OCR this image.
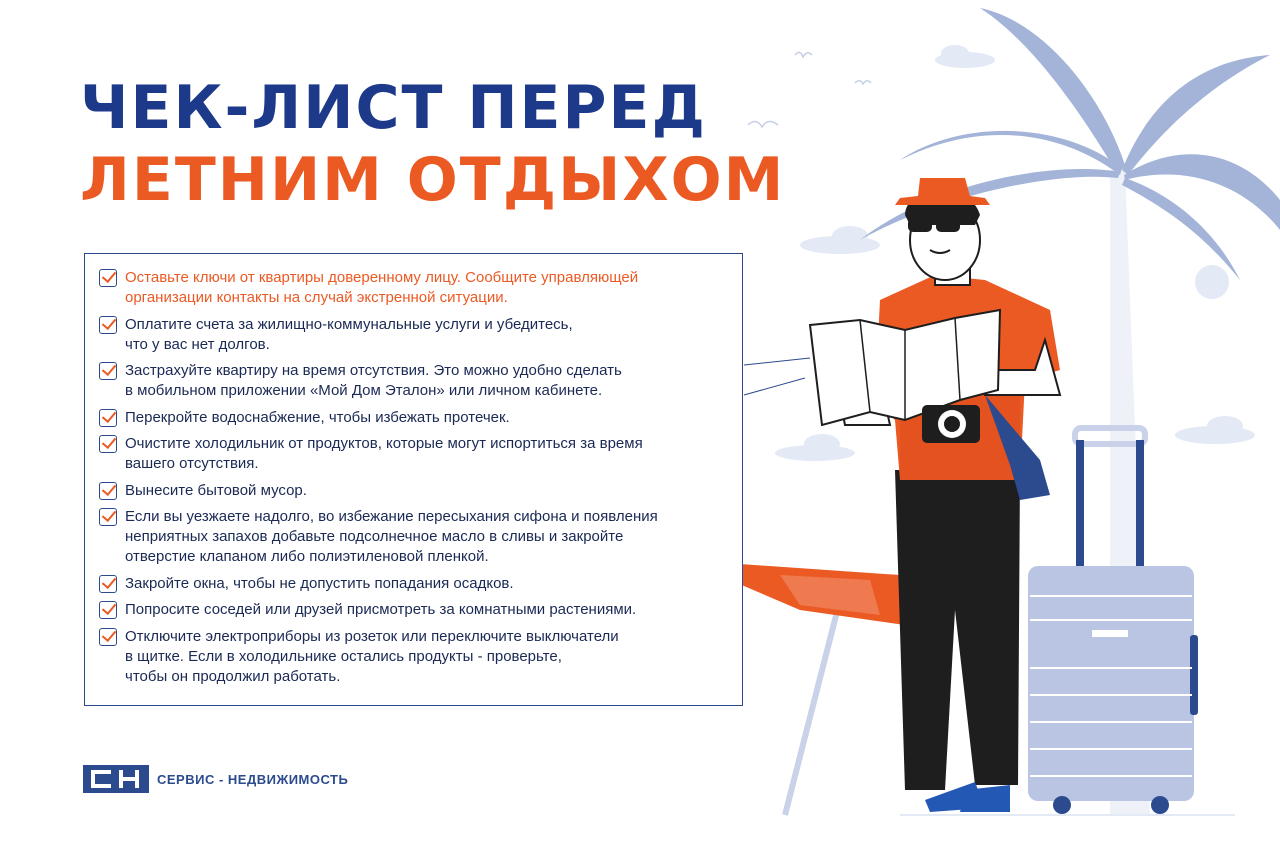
ЧЕК-ЛИСТ ПЕРЕД
ЛЕТНИМ ОТДЫХОМ
Оставьте ключи от квартиры доверенному лицу. Сообщите управляющей
организации контакты на случай экстренной ситуации.
Оплатите счета за жилищно-коммунальные услуги и убедитесь,
что у вас нет долгов.
Застрахуйте квартиру на время отсутствия. Это можно удобно сделать
в мобильном приложении «Мой Дом Эталон» или личном кабинете.
Перекройте водоснабжение, чтобы избежать протечек.
Очистите холодильник от продуктов, которые могут испортиться за время
вашего отсутствия.
Вынесите бытовой мусор.
Если вы уезжаете надолго, во избежание пересыхания сифона и появления
неприятных запахов добавьте подсолнечное масло в сливы и закройте
отверстие клапаном либо полиэтиленовой пленкой.
Закройте окна, чтобы не допустить попадания осадков.
Попросите соседей или друзей присмотреть за комнатными растениями.
Отключите электроприборы из розеток или переключите выключатели
в щитке. Если в холодильнике остались продукты - проверьте,
чтобы он продолжил работать.
СЕРВИС - НЕДВИЖИМОСТЬ
